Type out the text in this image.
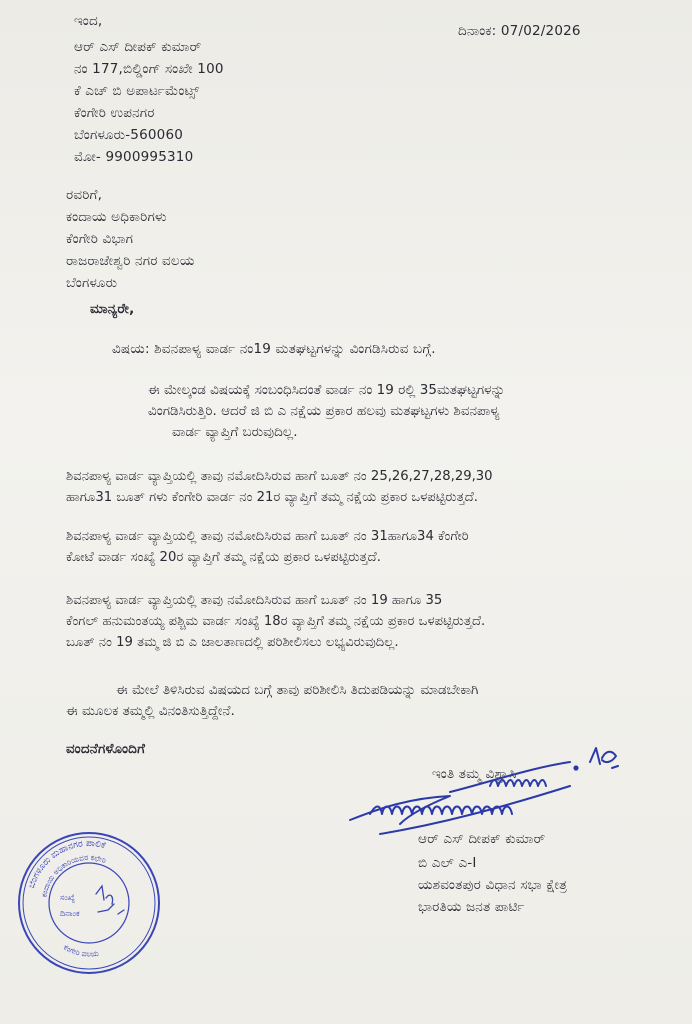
ಇಂದ,
ಆರ್ ಎಸ್ ದೀಪಕ್ ಕುಮಾರ್
ನಂ 177,ಬಿಲ್ಡಿಂಗ್ ಸಂಖೇ 100
ಕೆ ಎಚ್ ಬಿ ಅಪಾರ್ಟಮೆಂಟ್ಸ್
ಕೆಂಗೇರಿ ಉಪನಗರ
ಬೆಂಗಳೂರು-560060
ಮೋ- 9900995310
ದಿನಾಂಕ: 07/02/2026
ರವರಿಗೆ,
ಕಂದಾಯ ಅಧಿಕಾರಿಗಳು
ಕೆಂಗೇರಿ ವಿಭಾಗ
ರಾಜರಾಜೇಶ್ವರಿ ನಗರ ವಲಯ
ಬೆಂಗಳೂರು
ಮಾನ್ಯರೇ,
ವಿಷಯ: ಶಿವನಪಾಳ್ಯ ವಾರ್ಡ ನಂ19 ಮತಘಟ್ಟಗಳನ್ನು ವಿಂಗಡಿಸಿರುವ ಬಗ್ಗೆ.
ಈ ಮೇಲ್ಕಂಡ ವಿಷಯಕ್ಕೆ ಸಂಬಂಧಿಸಿದಂತೆ ವಾರ್ಡ ನಂ 19 ರಲ್ಲಿ 35ಮತಘಟ್ಟಗಳನ್ನು
ವಿಂಗಡಿಸಿರುತ್ತಿರಿ. ಆದರೆ ಜಿ ಬಿ ಎ ನಕ್ಷೆಯ ಪ್ರಕಾರ ಹಲವು ಮತಘಟ್ಟಗಳು ಶಿವನಪಾಳ್ಯ
ವಾರ್ಡ ವ್ಯಾಪ್ತಿಗೆ ಬರುವುದಿಲ್ಲ.
ಶಿವನಪಾಳ್ಯ ವಾರ್ಡ ವ್ಯಾಪ್ತಿಯಲ್ಲಿ ತಾವು ನಮೋದಿಸಿರುವ ಹಾಗೆ ಬೂತ್ ನಂ 25,26,27,28,29,30
ಹಾಗೂ31 ಬೂತ್ ಗಳು ಕೆಂಗೇರಿ ವಾರ್ಡ ನಂ 21ರ ವ್ಯಾಪ್ತಿಗೆ ತಮ್ಮ ನಕ್ಷೆಯ ಪ್ರಕಾರ ಒಳಪಟ್ಟಿರುತ್ತದೆ.
ಶಿವನಪಾಳ್ಯ ವಾರ್ಡ ವ್ಯಾಪ್ತಿಯಲ್ಲಿ ತಾವು ನಮೋದಿಸಿರುವ ಹಾಗೆ ಬೂತ್ ನಂ 31ಹಾಗೂ34 ಕೆಂಗೇರಿ
ಕೋಟೆ ವಾರ್ಡ ಸಂಖ್ಯೆ 20ರ ವ್ಯಾಪ್ತಿಗೆ ತಮ್ಮ ನಕ್ಷೆಯ ಪ್ರಕಾರ ಒಳಪಟ್ಟಿರುತ್ತದೆ.
ಶಿವನಪಾಳ್ಯ ವಾರ್ಡ ವ್ಯಾಪ್ತಿಯಲ್ಲಿ ತಾವು ನಮೋದಿಸಿರುವ ಹಾಗೆ ಬೂತ್ ನಂ 19 ಹಾಗೂ 35
ಕೆಂಗಲ್ ಹನುಮಂತಯ್ಯ ಪಶ್ಚಿಮ ವಾರ್ಡ ಸಂಖ್ಯೆ 18ರ ವ್ಯಾಪ್ತಿಗೆ ತಮ್ಮ ನಕ್ಷೆಯ ಪ್ರಕಾರ ಒಳಪಟ್ಟಿರುತ್ತದೆ.
ಬೂತ್ ನಂ 19 ತಮ್ಮ ಜಿ ಬಿ ಎ ಜಾಲತಾಣದಲ್ಲಿ ಪರಿಶೀಲಿಸಲು ಲಭ್ಯವಿರುವುದಿಲ್ಲ.
ಈ ಮೇಲೆ ತಿಳಿಸಿರುವ ವಿಷಯದ ಬಗ್ಗೆ ತಾವು ಪರಿಶೀಲಿಸಿ ತಿದುಪಡಿಯನ್ನು ಮಾಡಬೇಕಾಗಿ
ಈ ಮೂಲಕ ತಮ್ಮಲ್ಲಿ ವಿನಂತಿಸುತ್ತಿದ್ದೇನೆ.
ವಂದನೆಗಳೊಂದಿಗೆ
ಇಂತಿ ತಮ್ಮ ವಿಶ್ವಾಸಿ
ಆರ್ ಎಸ್ ದೀಪಕ್ ಕುಮಾರ್
ಬಿ ಎಲ್ ಎ-I
ಯಶವಂತಪುರ ವಿಧಾನ ಸಭಾ ಕ್ಷೇತ್ರ
ಭಾರತಿಯ ಜನತ ಪಾರ್ಟಿ
ಬೆಂಗಳೂರು ಮಹಾನಗರ ಪಾಲಿಕೆ
ಕಂದಾಯ ಅಧಿಕಾರಿಯವರ ಕಛೇರಿ
ಕೆಂಗೇರಿ ವಲಯ
ಸಂಖ್ಯೆ
ದಿನಾಂಕ
